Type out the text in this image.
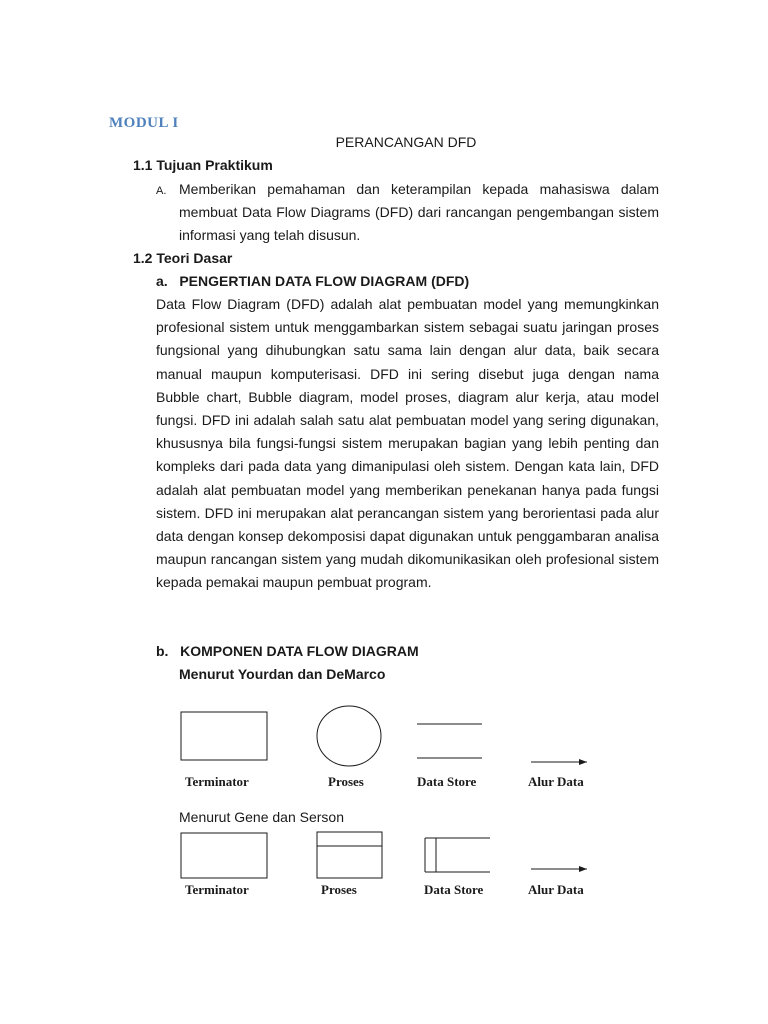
MODUL I
PERANCANGAN DFD
1.1 Tujuan Praktikum
A. Memberikan pemahaman dan keterampilan kepada mahasiswa dalam membuat Data Flow Diagrams (DFD) dari rancangan pengembangan sistem informasi yang telah disusun.
1.2 Teori Dasar
a.   PENGERTIAN DATA FLOW DIAGRAM (DFD)
Data Flow Diagram (DFD) adalah alat pembuatan model yang memungkinkan profesional sistem untuk menggambarkan sistem sebagai suatu jaringan proses fungsional yang dihubungkan satu sama lain dengan alur data, baik secara manual maupun komputerisasi. DFD ini sering disebut juga dengan nama Bubble chart, Bubble diagram, model proses, diagram alur kerja, atau model fungsi. DFD ini adalah salah satu alat pembuatan model yang sering digunakan, khususnya bila fungsi-fungsi sistem merupakan bagian yang lebih penting dan kompleks dari pada data yang dimanipulasi oleh sistem. Dengan kata lain, DFD adalah alat pembuatan model yang memberikan penekanan hanya pada fungsi sistem. DFD ini merupakan alat perancangan sistem yang berorientasi pada alur data dengan konsep dekomposisi dapat digunakan untuk penggambaran analisa maupun rancangan sistem yang mudah dikomunikasikan oleh profesional sistem kepada pemakai maupun pembuat program.
b.   KOMPONEN DATA FLOW DIAGRAM
Menurut Yourdan dan DeMarco
Terminator	Proses	Data Store	Alur Data
Menurut Gene dan Serson
Terminator	Proses	Data Store	Alur Data
